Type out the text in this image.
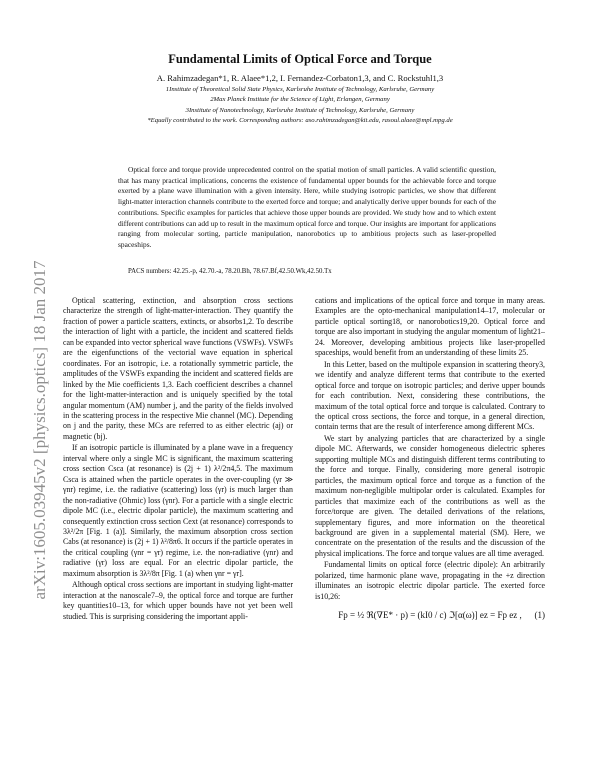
arXiv:1605.03945v2 [physics.optics] 18 Jan 2017
Fundamental Limits of Optical Force and Torque

A. Rahimzadegan*1, R. Alaee*1,2, I. Fernandez-Corbaton1,3, and C. Rockstuhl1,3

1Institute of Theoretical Solid State Physics, Karlsruhe Institute of Technology, Karlsruhe, Germany

2Max Planck Institute for the Science of Light, Erlangen, Germany

3Institute of Nanotechnology, Karlsruhe Institute of Technology, Karlsruhe, Germany

*Equally contributed to the work. Corresponding authors: aso.rahimzadegan@kit.edu, rasoul.alaee@mpl.mpg.de

Optical force and torque provide unprecedented control on the spatial motion of small particles. A valid scientific question, that has many practical implications, concerns the existence of fundamental upper bounds for the achievable force and torque exerted by a plane wave illumination with a given intensity. Here, while studying isotropic particles, we show that different light-matter interaction channels contribute to the exerted force and torque; and analytically derive upper bounds for each of the contributions. Specific examples for particles that achieve those upper bounds are provided. We study how and to which extent different contributions can add up to result in the maximum optical force and torque. Our insights are important for applications ranging from molecular sorting, particle manipulation, nanorobotics up to ambitious projects such as laser-propelled spaceships.

PACS numbers: 42.25.-p, 42.70.-a, 78.20.Bh, 78.67.Bf,42.50.Wk,42.50.Tx

Optical scattering, extinction, and absorption cross sections characterize the strength of light-matter-interaction. They quantify the fraction of power a particle scatters, extincts, or absorbs1,2. To describe the interaction of light with a particle, the incident and scattered fields can be expanded into vector spherical wave functions (VSWFs). VSWFs are the eigenfunctions of the vectorial wave equation in spherical coordinates. For an isotropic, i.e. a rotationally symmetric particle, the amplitudes of the VSWFs expanding the incident and scattered fields are linked by the Mie coefficients 1,3. Each coefficient describes a channel for the light-matter-interaction and is uniquely specified by the total angular momentum (AM) number j, and the parity of the fields involved in the scattering process in the respective Mie channel (MC). Depending on j and the parity, these MCs are referred to as either electric (aj) or magnetic (bj).

If an isotropic particle is illuminated by a plane wave in a frequency interval where only a single MC is significant, the maximum scattering cross section Csca (at resonance) is (2j + 1) λ²/2π4,5. The maximum Csca is attained when the particle operates in the over-coupling (γr ≫ γnr) regime, i.e. the radiative (scattering) loss (γr) is much larger than the non-radiative (Ohmic) loss (γnr). For a particle with a single electric dipole MC (i.e., electric dipolar particle), the maximum scattering and consequently extinction cross section Cext (at resonance) corresponds to 3λ²/2π [Fig. 1 (a)]. Similarly, the maximum absorption cross section Cabs (at resonance) is (2j + 1) λ²/8π6. It occurs if the particle operates in the critical coupling (γnr = γr) regime, i.e. the non-radiative (γnr) and radiative (γr) loss are equal. For an electric dipolar particle, the maximum absorption is 3λ²/8π [Fig. 1 (a) when γnr = γr].

Although optical cross sections are important in studying light-matter interaction at the nanoscale7–9, the optical force and torque are further key quantities10–13, for which upper bounds have not yet been well studied. This is surprising considering the important appli-

cations and implications of the optical force and torque in many areas. Examples are the opto-mechanical manipulation14–17, molecular or particle optical sorting18, or nanorobotics19,20. Optical force and torque are also important in studying the angular momentum of light21–24. Moreover, developing ambitious projects like laser-propelled spaceships, would benefit from an understanding of these limits 25.

In this Letter, based on the multipole expansion in scattering theory3, we identify and analyze different terms that contribute to the exerted optical force and torque on isotropic particles; and derive upper bounds for each contribution. Next, considering these contributions, the maximum of the total optical force and torque is calculated. Contrary to the optical cross sections, the force and torque, in a general direction, contain terms that are the result of interference among different MCs.

We start by analyzing particles that are characterized by a single dipole MC. Afterwards, we consider homogeneous dielectric spheres supporting multiple MCs and distinguish different terms contributing to the force and torque. Finally, considering more general isotropic particles, the maximum optical force and torque as a function of the maximum non-negligible multipolar order is calculated. Examples for particles that maximize each of the contributions as well as the force/torque are given. The detailed derivations of the relations, supplementary figures, and more information on the theoretical background are given in a supplemental material (SM). Here, we concentrate on the presentation of the results and the discussion of the physical implications. The force and torque values are all time averaged.

Fundamental limits on optical force (electric dipole): An arbitrarily polarized, time harmonic plane wave, propagating in the +z direction illuminates an isotropic electric dipolar particle. The exerted force is10,26:

Fp = ½ ℜ(∇E* · p) = (kI0 / c) ℑ[α(ω)] ez = Fp ez , (1)
